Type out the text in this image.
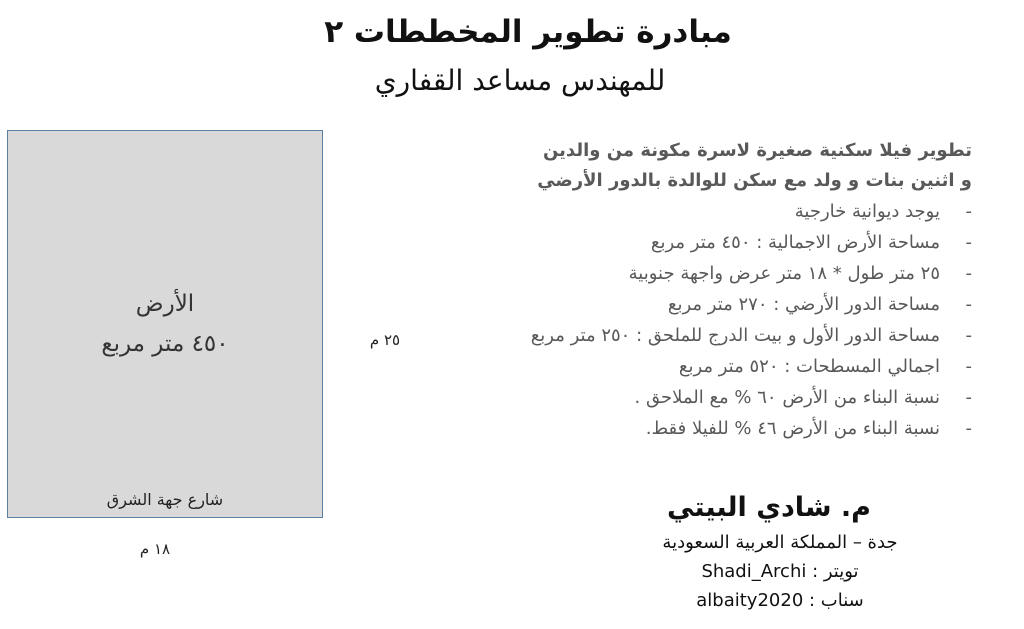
مبادرة تطوير المخططات ٢
للمهندس مساعد القفاري
الأرض
٤٥٠ متر مربع
شارع جهة الشرق
١٨ م
٢٥ م
تطوير فيلا سكنية صغيرة لاسرة مكونة من والدين
و اثنين بنات و ولد مع سكن للوالدة بالدور الأرضي
-
يوجد ديوانية خارجية
-
مساحة الأرض الاجمالية : ٤٥٠ متر مربع
-
٢٥ متر طول * ١٨ متر عرض واجهة جنوبية
-
مساحة الدور الأرضي : ٢٧٠ متر مربع
-
مساحة الدور الأول و بيت الدرج للملحق : ٢٥٠ متر مربع
-
اجمالي المسطحات : ٥٢٠ متر مربع
-
نسبة البناء من الأرض ٦٠ % مع الملاحق .
-
نسبة البناء من الأرض ٤٦ % للفيلا فقط.
م. شادي البيتي
جدة – المملكة العربية السعودية
تويتر : Shadi_Archi
سناب : albaity2020
